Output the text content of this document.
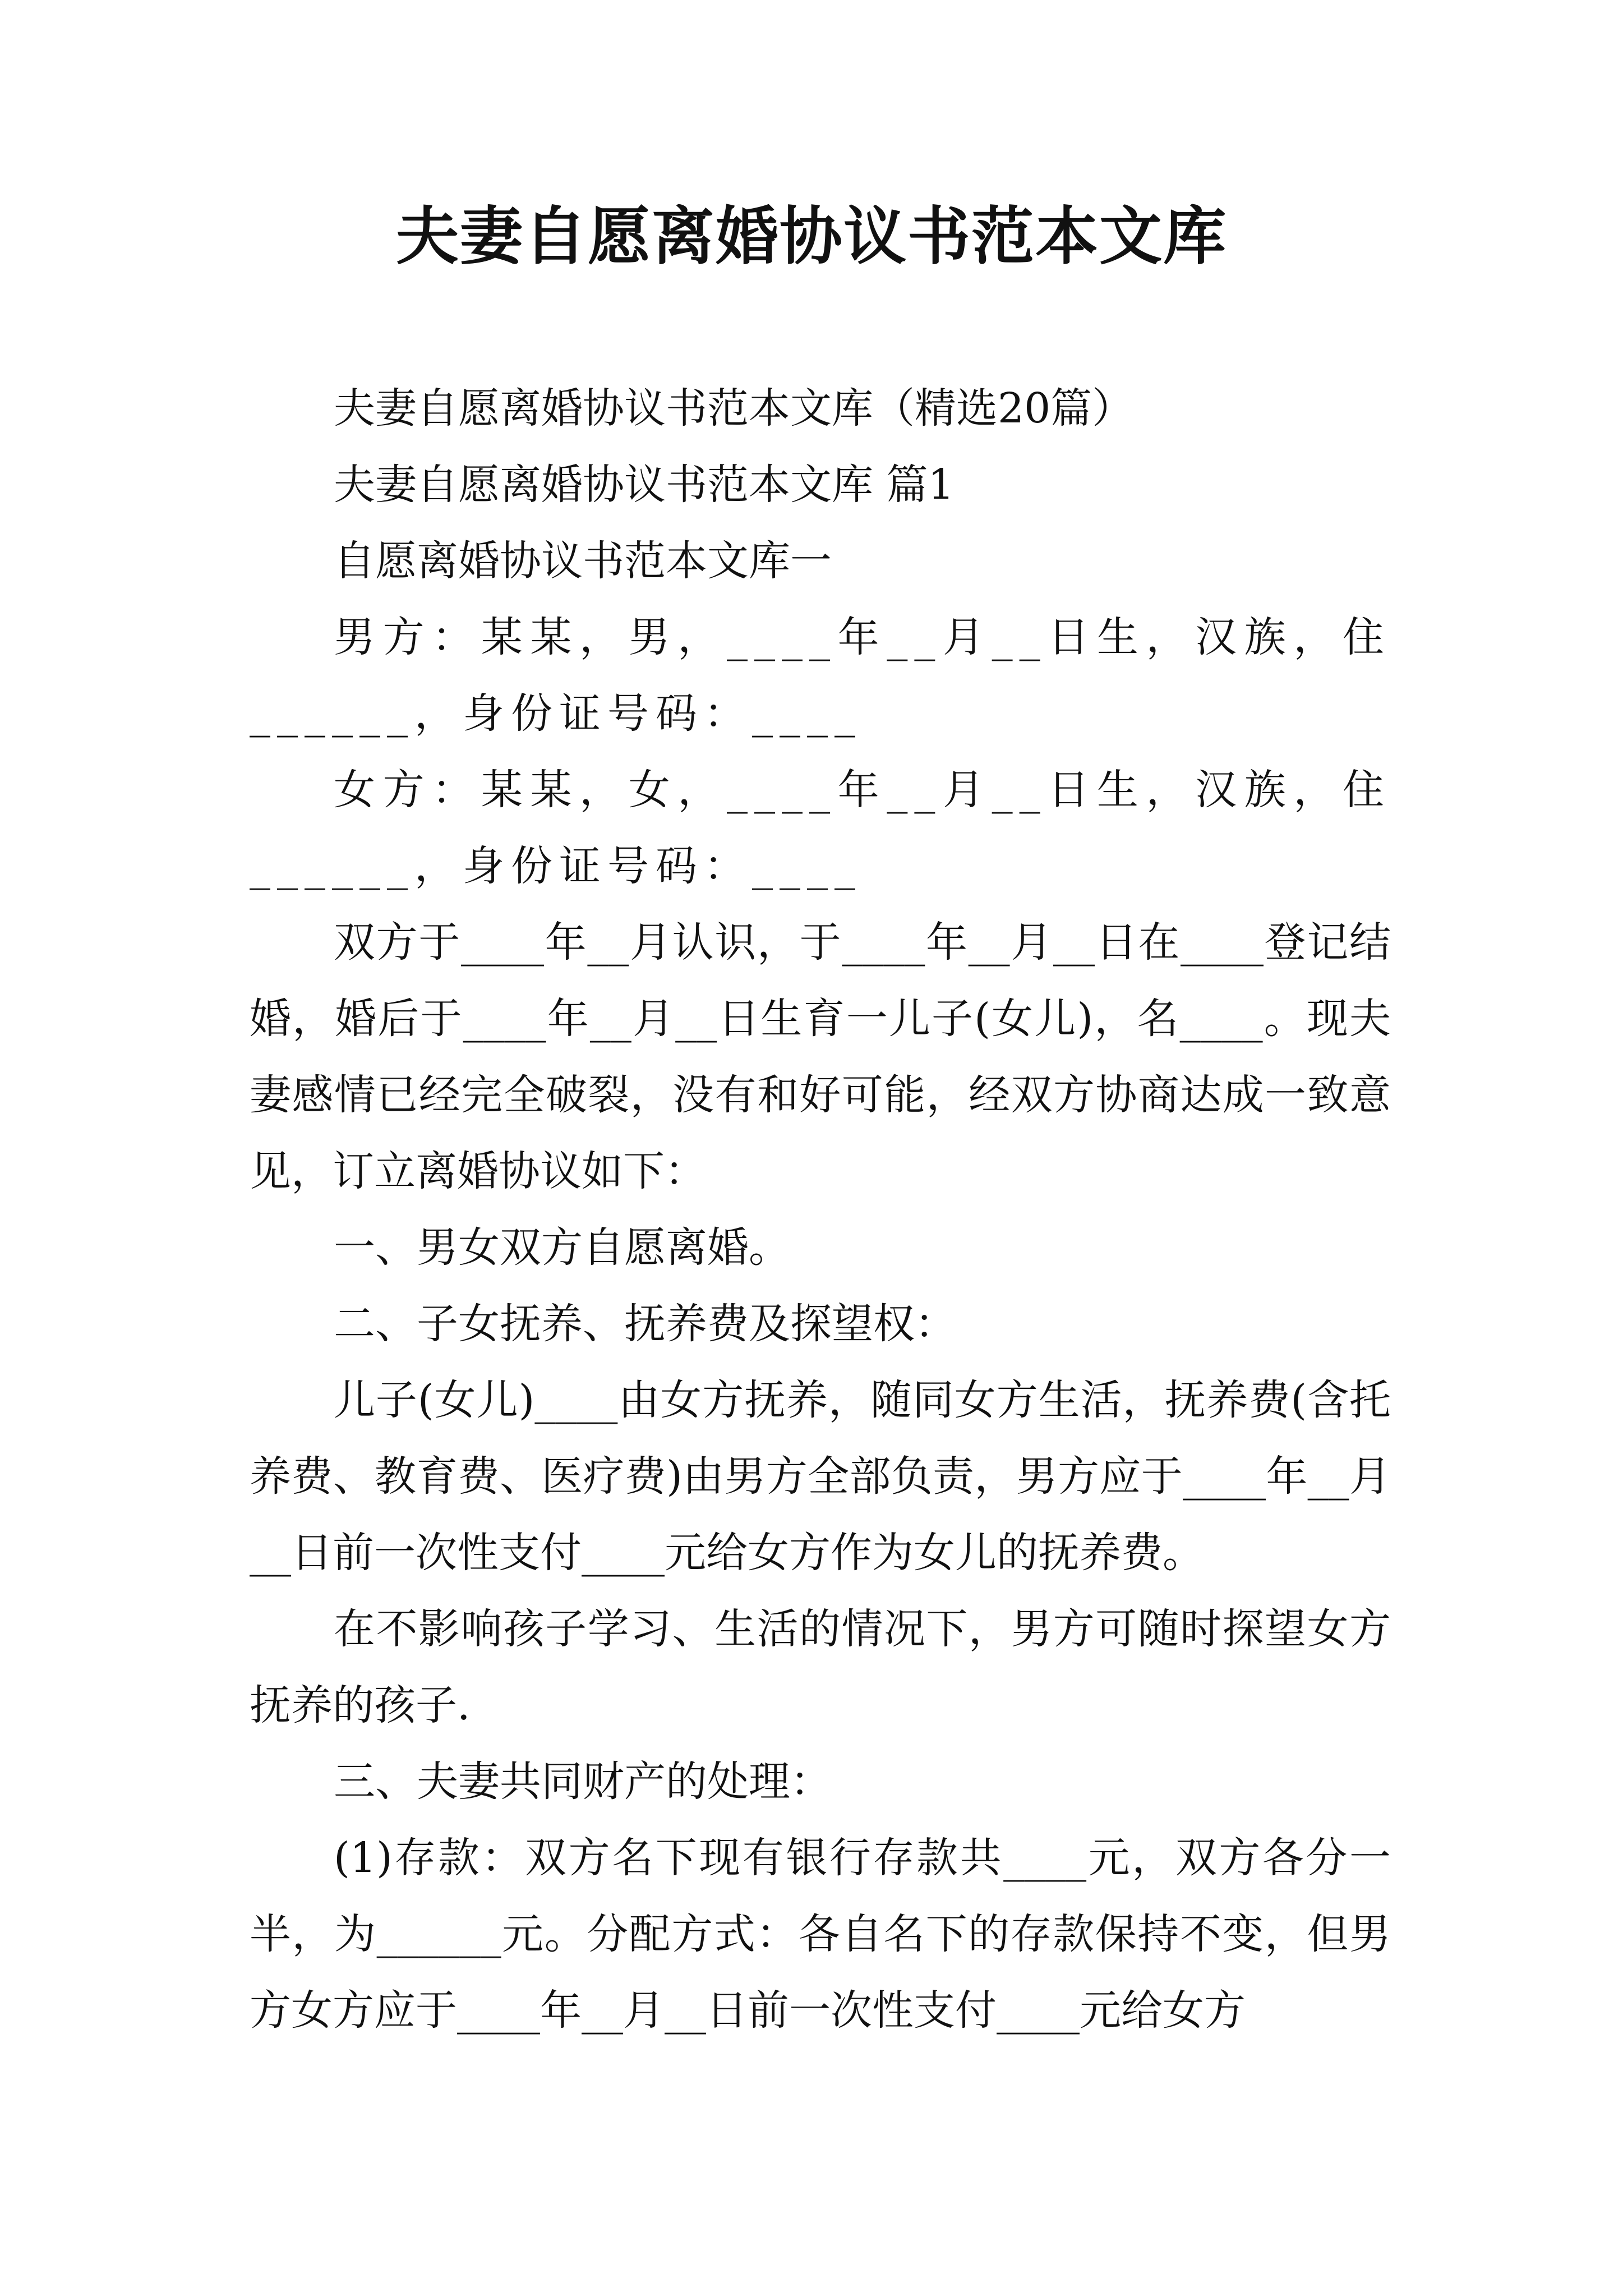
夫妻自愿离婚协议书范本文库

夫妻自愿离婚协议书范本文库（精选20篇）

夫妻自愿离婚协议书范本文库 篇1

自愿离婚协议书范本文库一

男方：某某，男，____年__月__日生，汉族，住______，身份证号码：____

女方：某某，女，____年__月__日生，汉族，住______，身份证号码：____

双方于____年__月认识，于____年__月__日在____登记结婚，婚后于____年__月__日生育一儿子(女儿)，名____。现夫妻感情已经完全破裂，没有和好可能，经双方协商达成一致意见，订立离婚协议如下：

一、男女双方自愿离婚。

二、子女抚养、抚养费及探望权：

儿子(女儿)____由女方抚养，随同女方生活，抚养费(含托养费、教育费、医疗费)由男方全部负责，男方应于____年__月__日前一次性支付____元给女方作为女儿的抚养费。

在不影响孩子学习、生活的情况下，男方可随时探望女方抚养的孩子.

三、夫妻共同财产的处理：

(1)存款：双方名下现有银行存款共____元，双方各分一半，为______元。分配方式：各自名下的存款保持不变，但男方女方应于____年__月__日前一次性支付____元给女方
